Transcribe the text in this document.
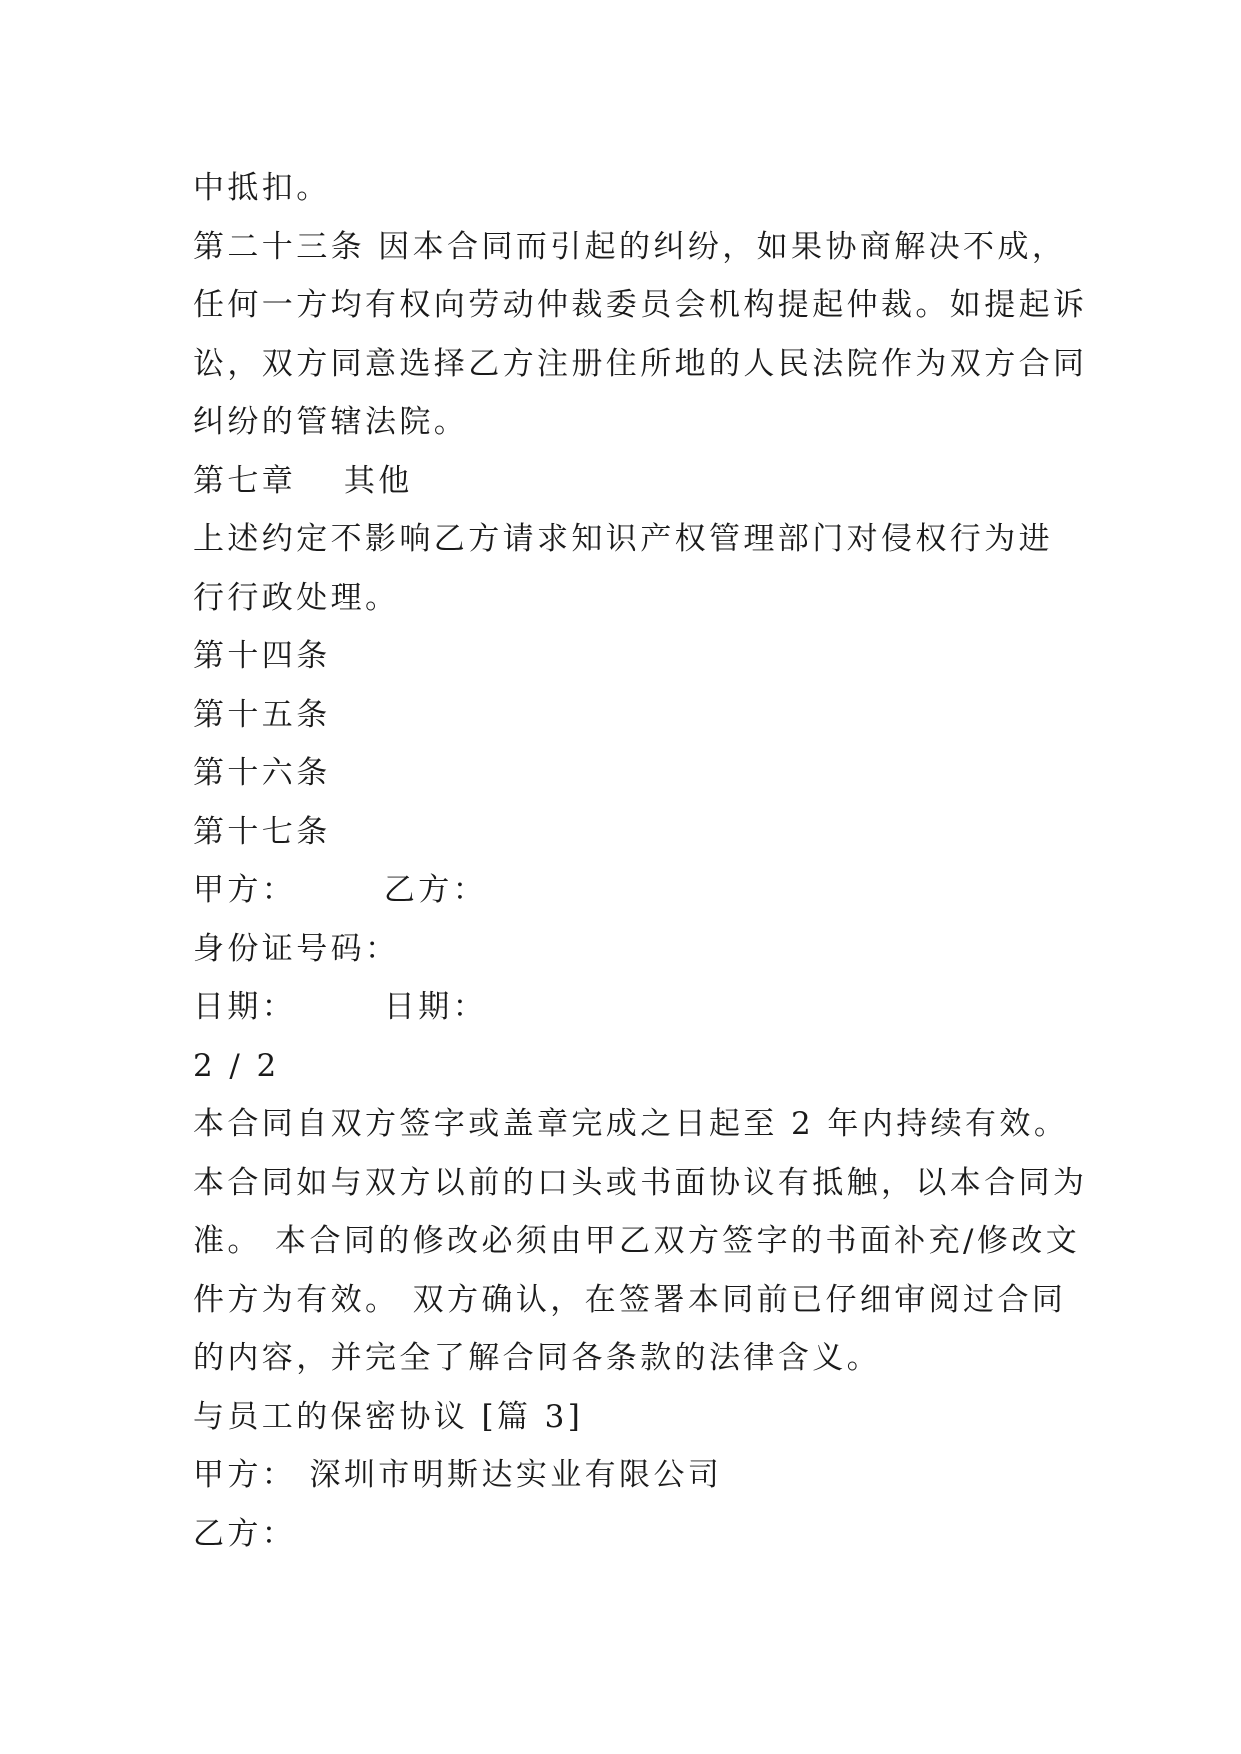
中抵扣。
第二十三条 因本合同而引起的纠纷，如果协商解决不成，
任何一方均有权向劳动仲裁委员会机构提起仲裁。如提起诉
讼，双方同意选择乙方注册住所地的人民法院作为双方合同
纠纷的管辖法院。
第七章　 其他
上述约定不影响乙方请求知识产权管理部门对侵权行为进
行行政处理。
第十四条
第十五条
第十六条
第十七条
甲方：　　　乙方：
身份证号码：
日期：　　　日期：
2 / 2
本合同自双方签字或盖章完成之日起至 2 年内持续有效。
本合同如与双方以前的口头或书面协议有抵触，以本合同为
准。 本合同的修改必须由甲乙双方签字的书面补充/修改文
件方为有效。 双方确认，在签署本同前已仔细审阅过合同
的内容，并完全了解合同各条款的法律含义。
与员工的保密协议 [篇 3]
甲方： 深圳市明斯达实业有限公司
乙方：
